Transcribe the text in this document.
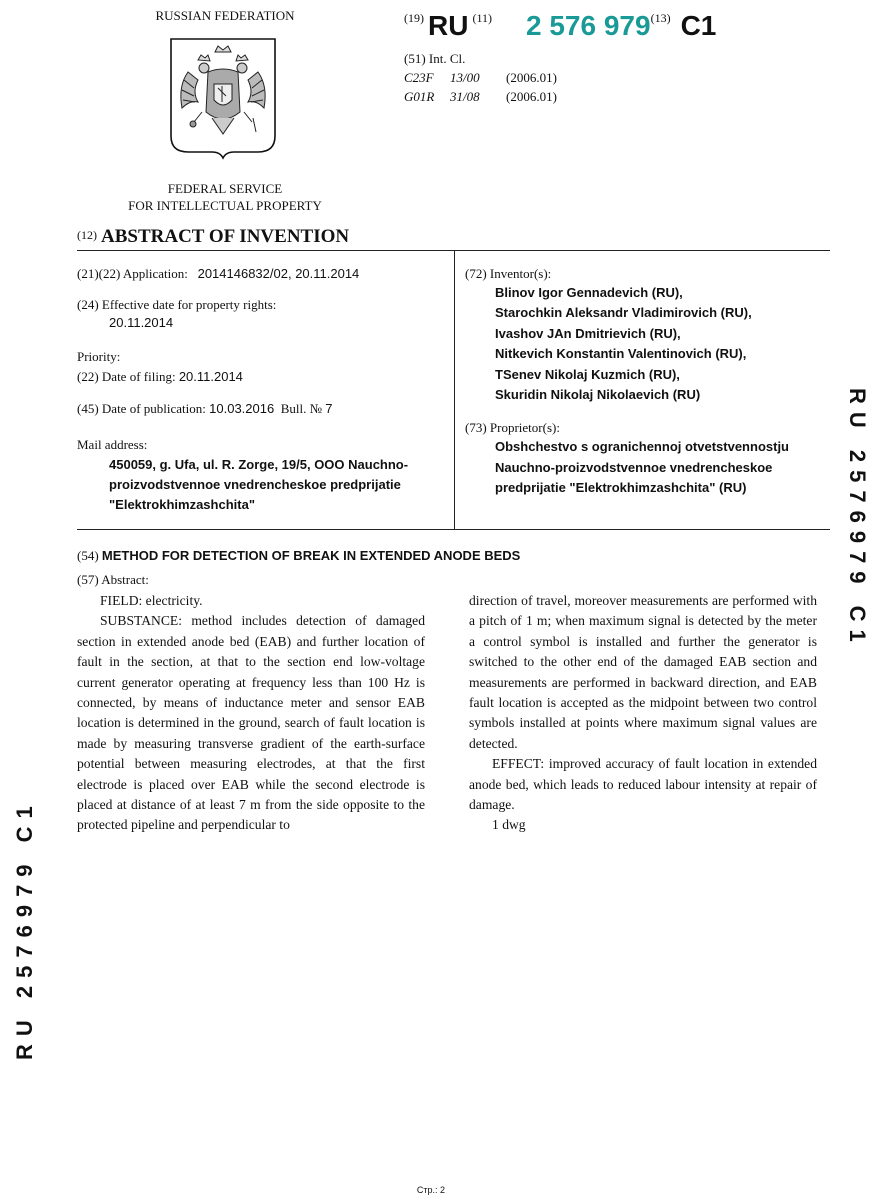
RUSSIAN FEDERATION
FEDERAL SERVICE
FOR INTELLECTUAL PROPERTY
$^{(19)}$ RU $^{(11)}$ 2 576 979$^{(13)}$ C1
(51) Int. Cl.
C23F 13/00 (2006.01)
G01R 31/08 (2006.01)
$^{(12)}$ ABSTRACT OF INVENTION
(21)(22) Application: 2014146832/02, 20.11.2014
(24) Effective date for property rights:
20.11.2014
Priority:
(22) Date of filing: 20.11.2014
(45) Date of publication: 10.03.2016 Bull. № 7
Mail address:
450059, g. Ufa, ul. R. Zorge, 19/5, OOO Nauchno-
proizvodstvennoe vnedrencheskoe predprijatie
"Elektrokhimzashchita"
(72) Inventor(s):
Blinov Igor Gennadevich (RU),
Starochkin Aleksandr Vladimirovich (RU),
Ivashov JAn Dmitrievich (RU),
Nitkevich Konstantin Valentinovich (RU),
TSenev Nikolaj Kuzmich (RU),
Skuridin Nikolaj Nikolaevich (RU)
(73) Proprietor(s):
Obshchestvo s ogranichennoj otvetstvennostju
Nauchno-proizvodstvennoe vnedrencheskoe
predprijatie "Elektrokhimzashchita" (RU)
(54) METHOD FOR DETECTION OF BREAK IN EXTENDED ANODE BEDS
(57) Abstract:

FIELD: electricity.

SUBSTANCE: method includes detection of damaged section in extended anode bed (EAB) and further location of fault in the section, at that to the section end low-voltage current generator operating at frequency less than 100 Hz is connected, by means of inductance meter and sensor EAB location is determined in the ground, search of fault location is made by measuring transverse gradient of the earth-surface potential between measuring electrodes, at that the first electrode is placed over EAB while the second electrode is placed at distance of at least 7 m from the side opposite to the protected pipeline and perpendicular to

direction of travel, moreover measurements are performed with a pitch of 1 m; when maximum signal is detected by the meter a control symbol is installed and further the generator is switched to the other end of the damaged EAB section and measurements are performed in backward direction, and EAB fault location is accepted as the midpoint between two control symbols installed at points where maximum signal values are detected.

EFFECT: improved accuracy of fault location in extended anode bed, which leads to reduced labour intensity at repair of damage.

1 dwg

RU 2576979 C1
RU 2576979 C1
Стр.: 2
